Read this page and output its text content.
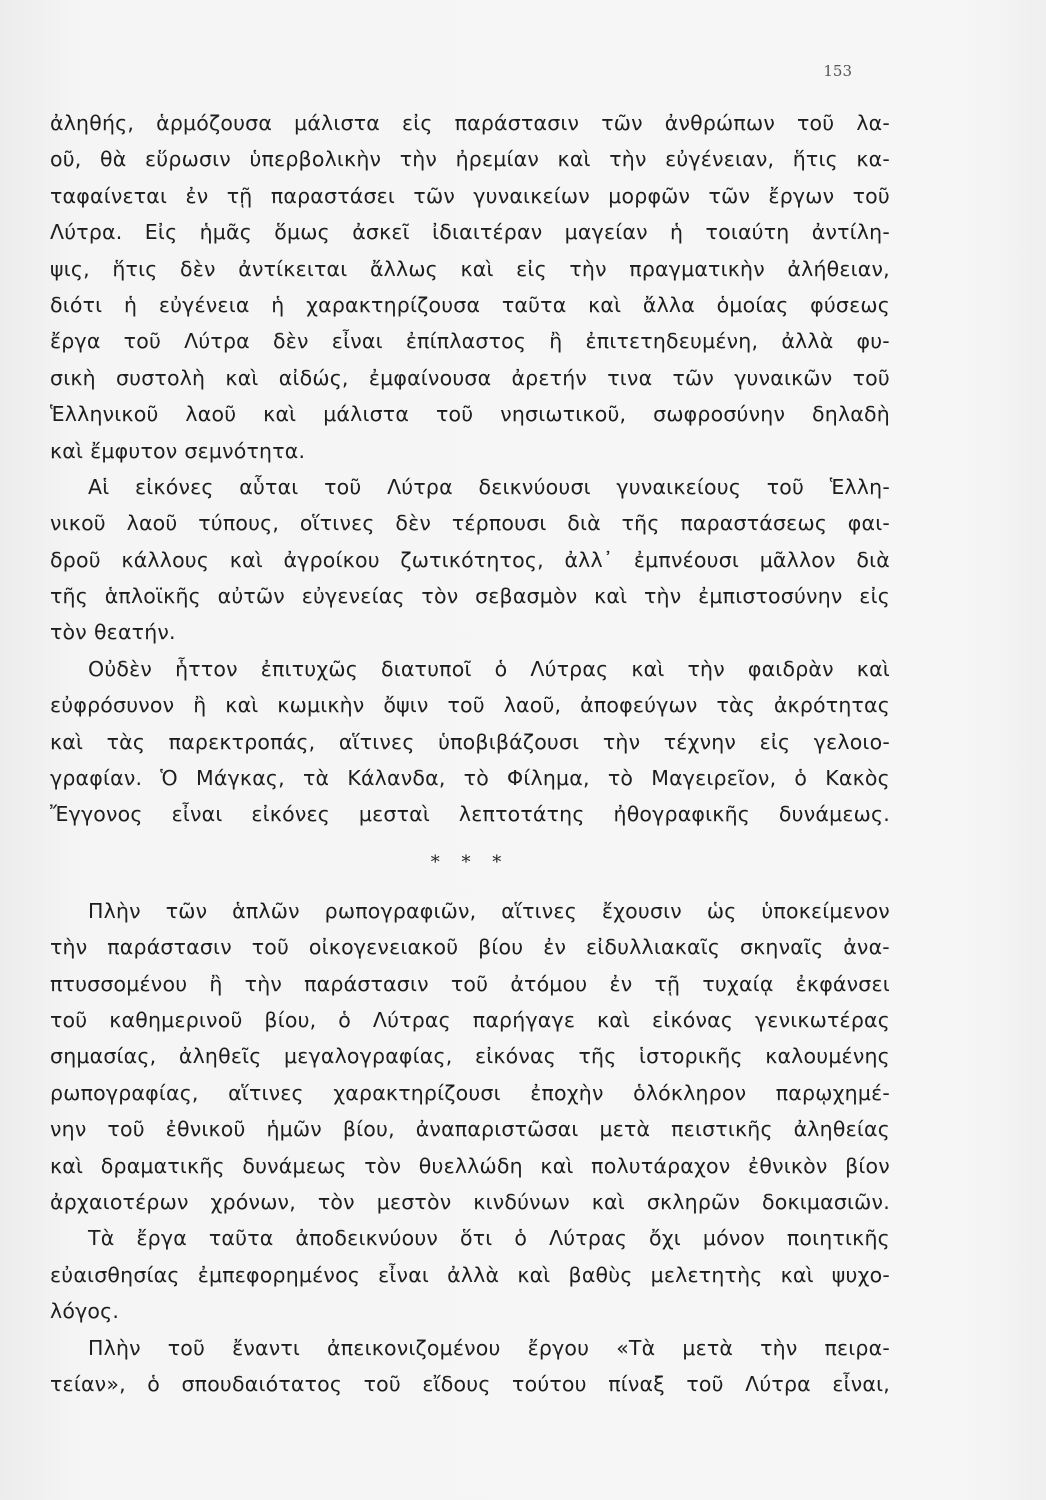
153
ἀληθής, ἁρμόζουσα μάλιστα εἰς παράστασιν τῶν ἀνθρώπων τοῦ λα-
οῦ, θὰ εὕρωσιν ὑπερβολικὴν τὴν ἠρεμίαν καὶ τὴν εὐγένειαν, ἥτις κα-
ταφαίνεται ἐν τῇ παραστάσει τῶν γυναικείων μορφῶν τῶν ἔργων τοῦ
Λύτρα. Εἰς ἡμᾶς ὅμως ἀσκεῖ ἰδιαιτέραν μαγείαν ἡ τοιαύτη ἀντίλη-
ψις, ἥτις δὲν ἀντίκειται ἄλλως καὶ εἰς τὴν πραγματικὴν ἀλήθειαν,
διότι ἡ εὐγένεια ἡ χαρακτηρίζουσα ταῦτα καὶ ἄλλα ὁμοίας φύσεως
ἔργα τοῦ Λύτρα δὲν εἶναι ἐπίπλαστος ἢ ἐπιτετηδευμένη, ἀλλὰ φυ-
σικὴ συστολὴ καὶ αἰδώς, ἐμφαίνουσα ἀρετήν τινα τῶν γυναικῶν τοῦ
Ἑλληνικοῦ λαοῦ καὶ μάλιστα τοῦ νησιωτικοῦ, σωφροσύνην δηλαδὴ
καὶ ἔμφυτον σεμνότητα.
Αἱ εἰκόνες αὗται τοῦ Λύτρα δεικνύουσι γυναικείους τοῦ Ἑλλη-
νικοῦ λαοῦ τύπους, οἵτινες δὲν τέρπουσι διὰ τῆς παραστάσεως φαι-
δροῦ κάλλους καὶ ἀγροίκου ζωτικότητος, ἀλλ᾽ ἐμπνέουσι μᾶλλον διὰ
τῆς ἁπλοϊκῆς αὐτῶν εὐγενείας τὸν σεβασμὸν καὶ τὴν ἐμπιστοσύνην εἰς
τὸν θεατήν.
Οὐδὲν ἧττον ἐπιτυχῶς διατυποῖ ὁ Λύτρας καὶ τὴν φαιδρὰν καὶ
εὐφρόσυνον ἢ καὶ κωμικὴν ὄψιν τοῦ λαοῦ, ἀποφεύγων τὰς ἀκρότητας
καὶ τὰς παρεκτροπάς, αἵτινες ὑποβιβάζουσι τὴν τέχνην εἰς γελοιο-
γραφίαν. Ὁ Μάγκας, τὰ Κάλανδα, τὸ Φίλημα, τὸ Μαγειρεῖον, ὁ Κακὸς
Ἔγγονος εἶναι εἰκόνες μεσταὶ λεπτοτάτης ἠθογραφικῆς δυνάμεως.
* * *
Πλὴν τῶν ἁπλῶν ρωπογραφιῶν, αἵτινες ἔχουσιν ὡς ὑποκείμενον
τὴν παράστασιν τοῦ οἰκογενειακοῦ βίου ἐν εἰδυλλιακαῖς σκηναῖς ἀνα-
πτυσσομένου ἢ τὴν παράστασιν τοῦ ἀτόμου ἐν τῇ τυχαίᾳ ἐκφάνσει
τοῦ καθημερινοῦ βίου, ὁ Λύτρας παρήγαγε καὶ εἰκόνας γενικωτέρας
σημασίας, ἀληθεῖς μεγαλογραφίας, εἰκόνας τῆς ἱστορικῆς καλουμένης
ρωπογραφίας, αἵτινες χαρακτηρίζουσι ἐποχὴν ὁλόκληρον παρῳχημέ-
νην τοῦ ἐθνικοῦ ἡμῶν βίου, ἀναπαριστῶσαι μετὰ πειστικῆς ἀληθείας
καὶ δραματικῆς δυνάμεως τὸν θυελλώδη καὶ πολυτάραχον ἐθνικὸν βίον
ἀρχαιοτέρων χρόνων, τὸν μεστὸν κινδύνων καὶ σκληρῶν δοκιμασιῶν.
Τὰ ἔργα ταῦτα ἀποδεικνύουν ὅτι ὁ Λύτρας ὄχι μόνον ποιητικῆς
εὐαισθησίας ἐμπεφορημένος εἶναι ἀλλὰ καὶ βαθὺς μελετητὴς καὶ ψυχο-
λόγος.
Πλὴν τοῦ ἔναντι ἀπεικονιζομένου ἔργου «Τὰ μετὰ τὴν πειρα-
τείαν», ὁ σπουδαιότατος τοῦ εἴδους τούτου πίναξ τοῦ Λύτρα εἶναι,
